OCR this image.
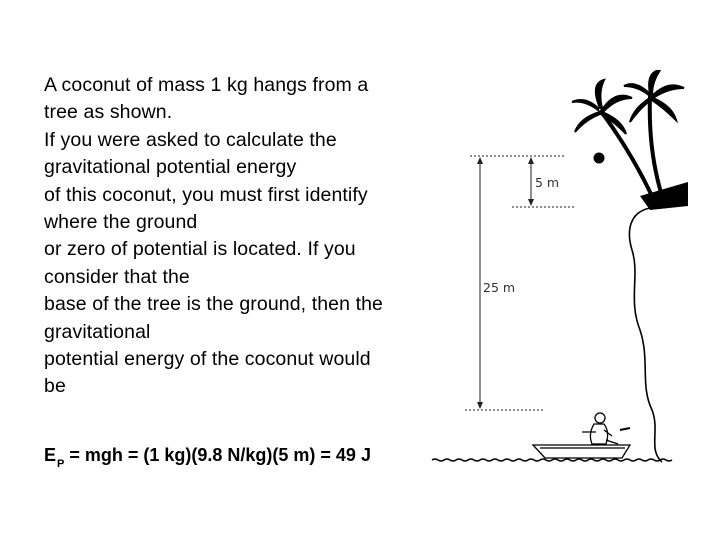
A coconut of mass 1 kg hangs from a
tree as shown.
If you were asked to calculate the
gravitational potential energy
of this coconut, you must first identify
where the ground
or zero of potential is located. If you
consider that the
base of the tree is the ground, then the
gravitational
potential energy of the coconut would
be
$E_P$ = mgh = (1 kg)(9.8 N/kg)(5 m) = 49 J
5 m
25 m
